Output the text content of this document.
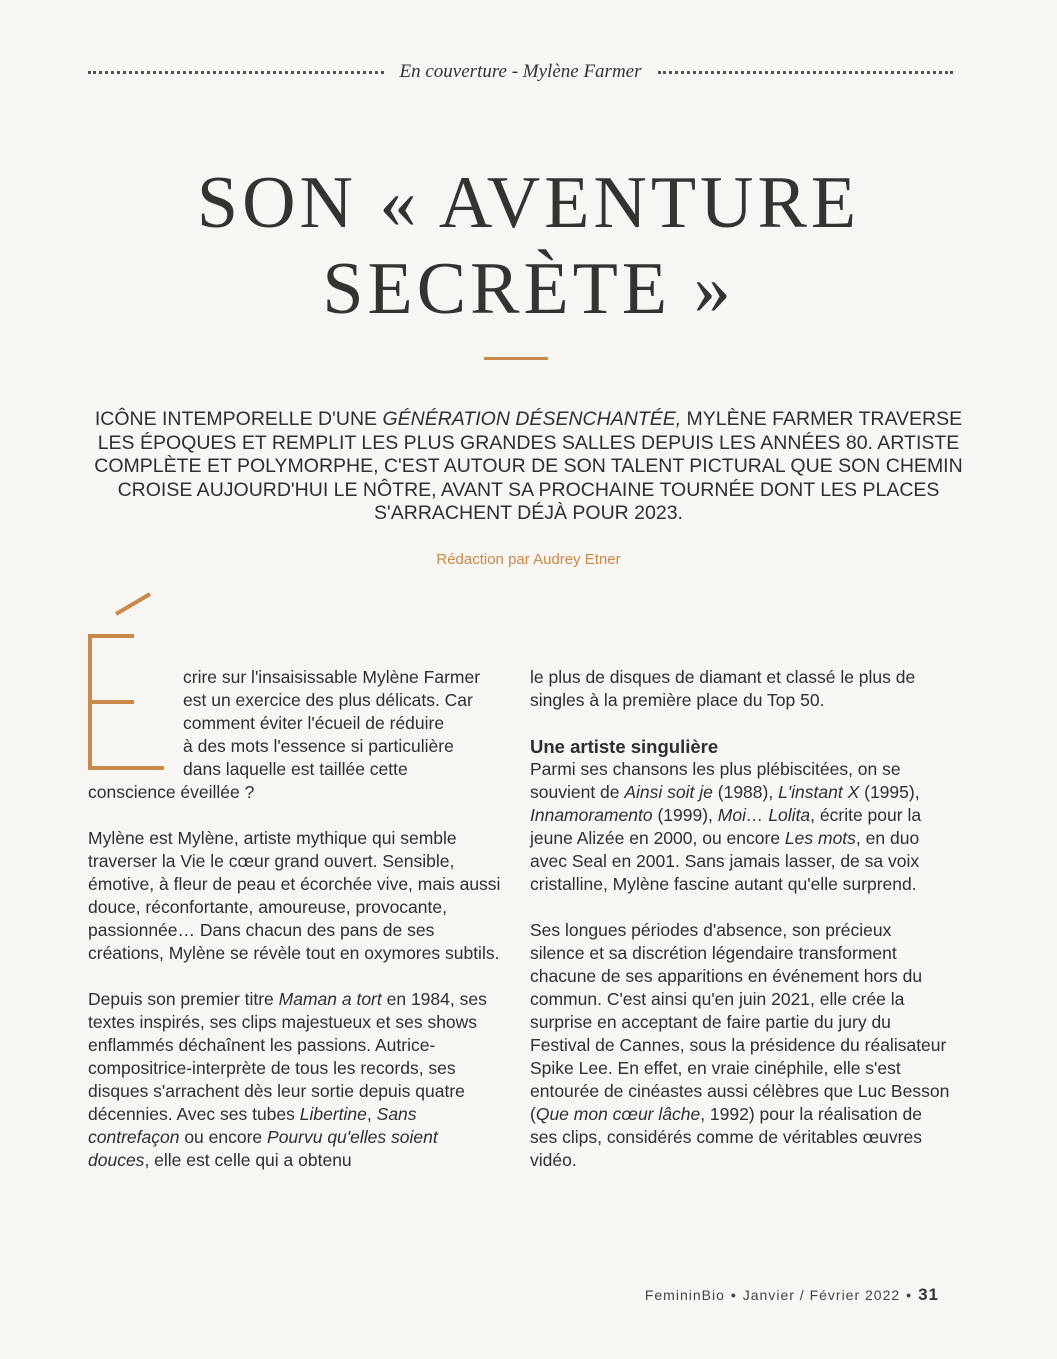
En couverture - Mylène Farmer
SON « AVENTURE
SECRÈTE »

ICÔNE INTEMPORELLE D'UNE GÉNÉRATION DÉSENCHANTÉE, MYLÈNE FARMER TRAVERSE LES ÉPOQUES ET REMPLIT LES PLUS GRANDES SALLES DEPUIS LES ANNÉES 80. ARTISTE COMPLÈTE ET POLYMORPHE, C'EST AUTOUR DE SON TALENT PICTURAL QUE SON CHEMIN CROISE AUJOURD'HUI LE NÔTRE, AVANT SA PROCHAINE TOURNÉE DONT LES PLACES S'ARRACHENT DÉJÀ POUR 2023.

Rédaction par Audrey Etner

crire sur l'insaisissable Mylène Farmer
est un exercice des plus délicats. Car
comment éviter l'écueil de réduire
à des mots l'essence si particulière
dans laquelle est taillée cette
conscience éveillée ?

Mylène est Mylène, artiste mythique qui semble traverser la Vie le cœur grand ouvert. Sensible, émotive, à fleur de peau et écorchée vive, mais aussi douce, réconfortante, amoureuse, provocante, passionnée… Dans chacun des pans de ses créations, Mylène se révèle tout en oxymores subtils.

Depuis son premier titre Maman a tort en 1984, ses textes inspirés, ses clips majestueux et ses shows enflammés déchaînent les passions. Autrice-compositrice-interprète de tous les records, ses disques s'arrachent dès leur sortie depuis quatre décennies. Avec ses tubes Libertine, Sans contrefaçon ou encore Pourvu qu'elles soient douces, elle est celle qui a obtenu

le plus de disques de diamant et classé le plus de singles à la première place du Top 50.

Une artiste singulière

Parmi ses chansons les plus plébiscitées, on se souvient de Ainsi soit je (1988), L'instant X (1995), Innamoramento (1999), Moi… Lolita, écrite pour la jeune Alizée en 2000, ou encore Les mots, en duo avec Seal en 2001. Sans jamais lasser, de sa voix cristalline, Mylène fascine autant qu'elle surprend.

Ses longues périodes d'absence, son précieux silence et sa discrétion légendaire transforment chacune de ses apparitions en événement hors du commun. C'est ainsi qu'en juin 2021, elle crée la surprise en acceptant de faire partie du jury du Festival de Cannes, sous la présidence du réalisateur Spike Lee. En effet, en vraie cinéphile, elle s'est entourée de cinéastes aussi célèbres que Luc Besson (Que mon cœur lâche, 1992) pour la réalisation de ses clips, considérés comme de véritables œuvres vidéo.

FemininBio • Janvier / Février 2022 • 31
